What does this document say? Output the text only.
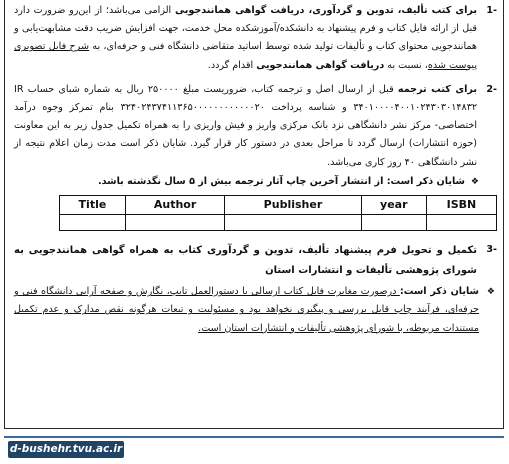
-1
برای کتب تألیف، تدوین و گردآوری، دریافت گواهی همانندجویی الزامی می‌باشد؛ از این‌رو ضرورت دارد قبل از ارائه فایل کتاب و فرم پیشنهاد به دانشکده/آموزشکده محل خدمت، جهت افزایش ضریب دقت مشابهت‌یابی و همانندجویی محتوای کتاب و تألیفات تولید شده توسط اساتید متقاضی دانشگاه فنی و حرفه‌ای، به شرح فایل تصویری پیوست شده، نسبت به دریافت گواهی همانندجویی اقدام گردد.
-2
برای کتب ترجمه قبل از ارسال اصل و ترجمه کتاب، ضروریست مبلغ ۲۵۰۰۰۰ ریال به شماره شبای حساب IR ۳۴۰۱۰۰۰۰۴۰۰۱۰۲۴۳۰۳۰۱۴۸۳۲ و شناسه پرداخت ۳۲۴۰۲۴۳۷۴۱۱۳۶۵۰۰۰۰۰۰۰۰۰۰۰۰۲۰ بنام تمرکز وجوه درآمد اختصاصی- مرکز نشر دانشگاهی نزد بانک مرکزی واریز و فیش واریزی را به همراه تکمیل جدول زیر به این معاونت (حوزه انتشارات) ارسال گردد تا مراحل بعدی در دستور کار قرار گیرد. شایان ذکر است مدت زمان اعلام نتیجه از نشر دانشگاهی ۴۰ روز کاری می‌باشد.
❖
شایان ذکر است: از انتشار آخرین چاپ آثار ترجمه بیش از ۵ سال نگذشته باشد.
Title	Author	Publisher	year	ISBN

-3
تکمیل و تحویل فرم پیشنهاد تألیف، تدوین و گردآوری کتاب به همراه گواهی همانندجویی به شورای پژوهشی تألیفات و انتشارات استان
❖
شایان ذکر است: درصورت مغایرت فایل کتاب ارسالی با دستورالعمل تایپ، نگارش و صفحه آرایی دانشگاه فنی و حرفه‌ای، فرآیند چاپ قابل بررسی و پیگیری نخواهد بود و مسئولیت و تبعات هرگونه نقص مدارک و عدم تکمیل مستندات مربوطه، با شورای پژوهشی تألیفات و انتشارات استان است.
d-bushehr.tvu.ac.ir
